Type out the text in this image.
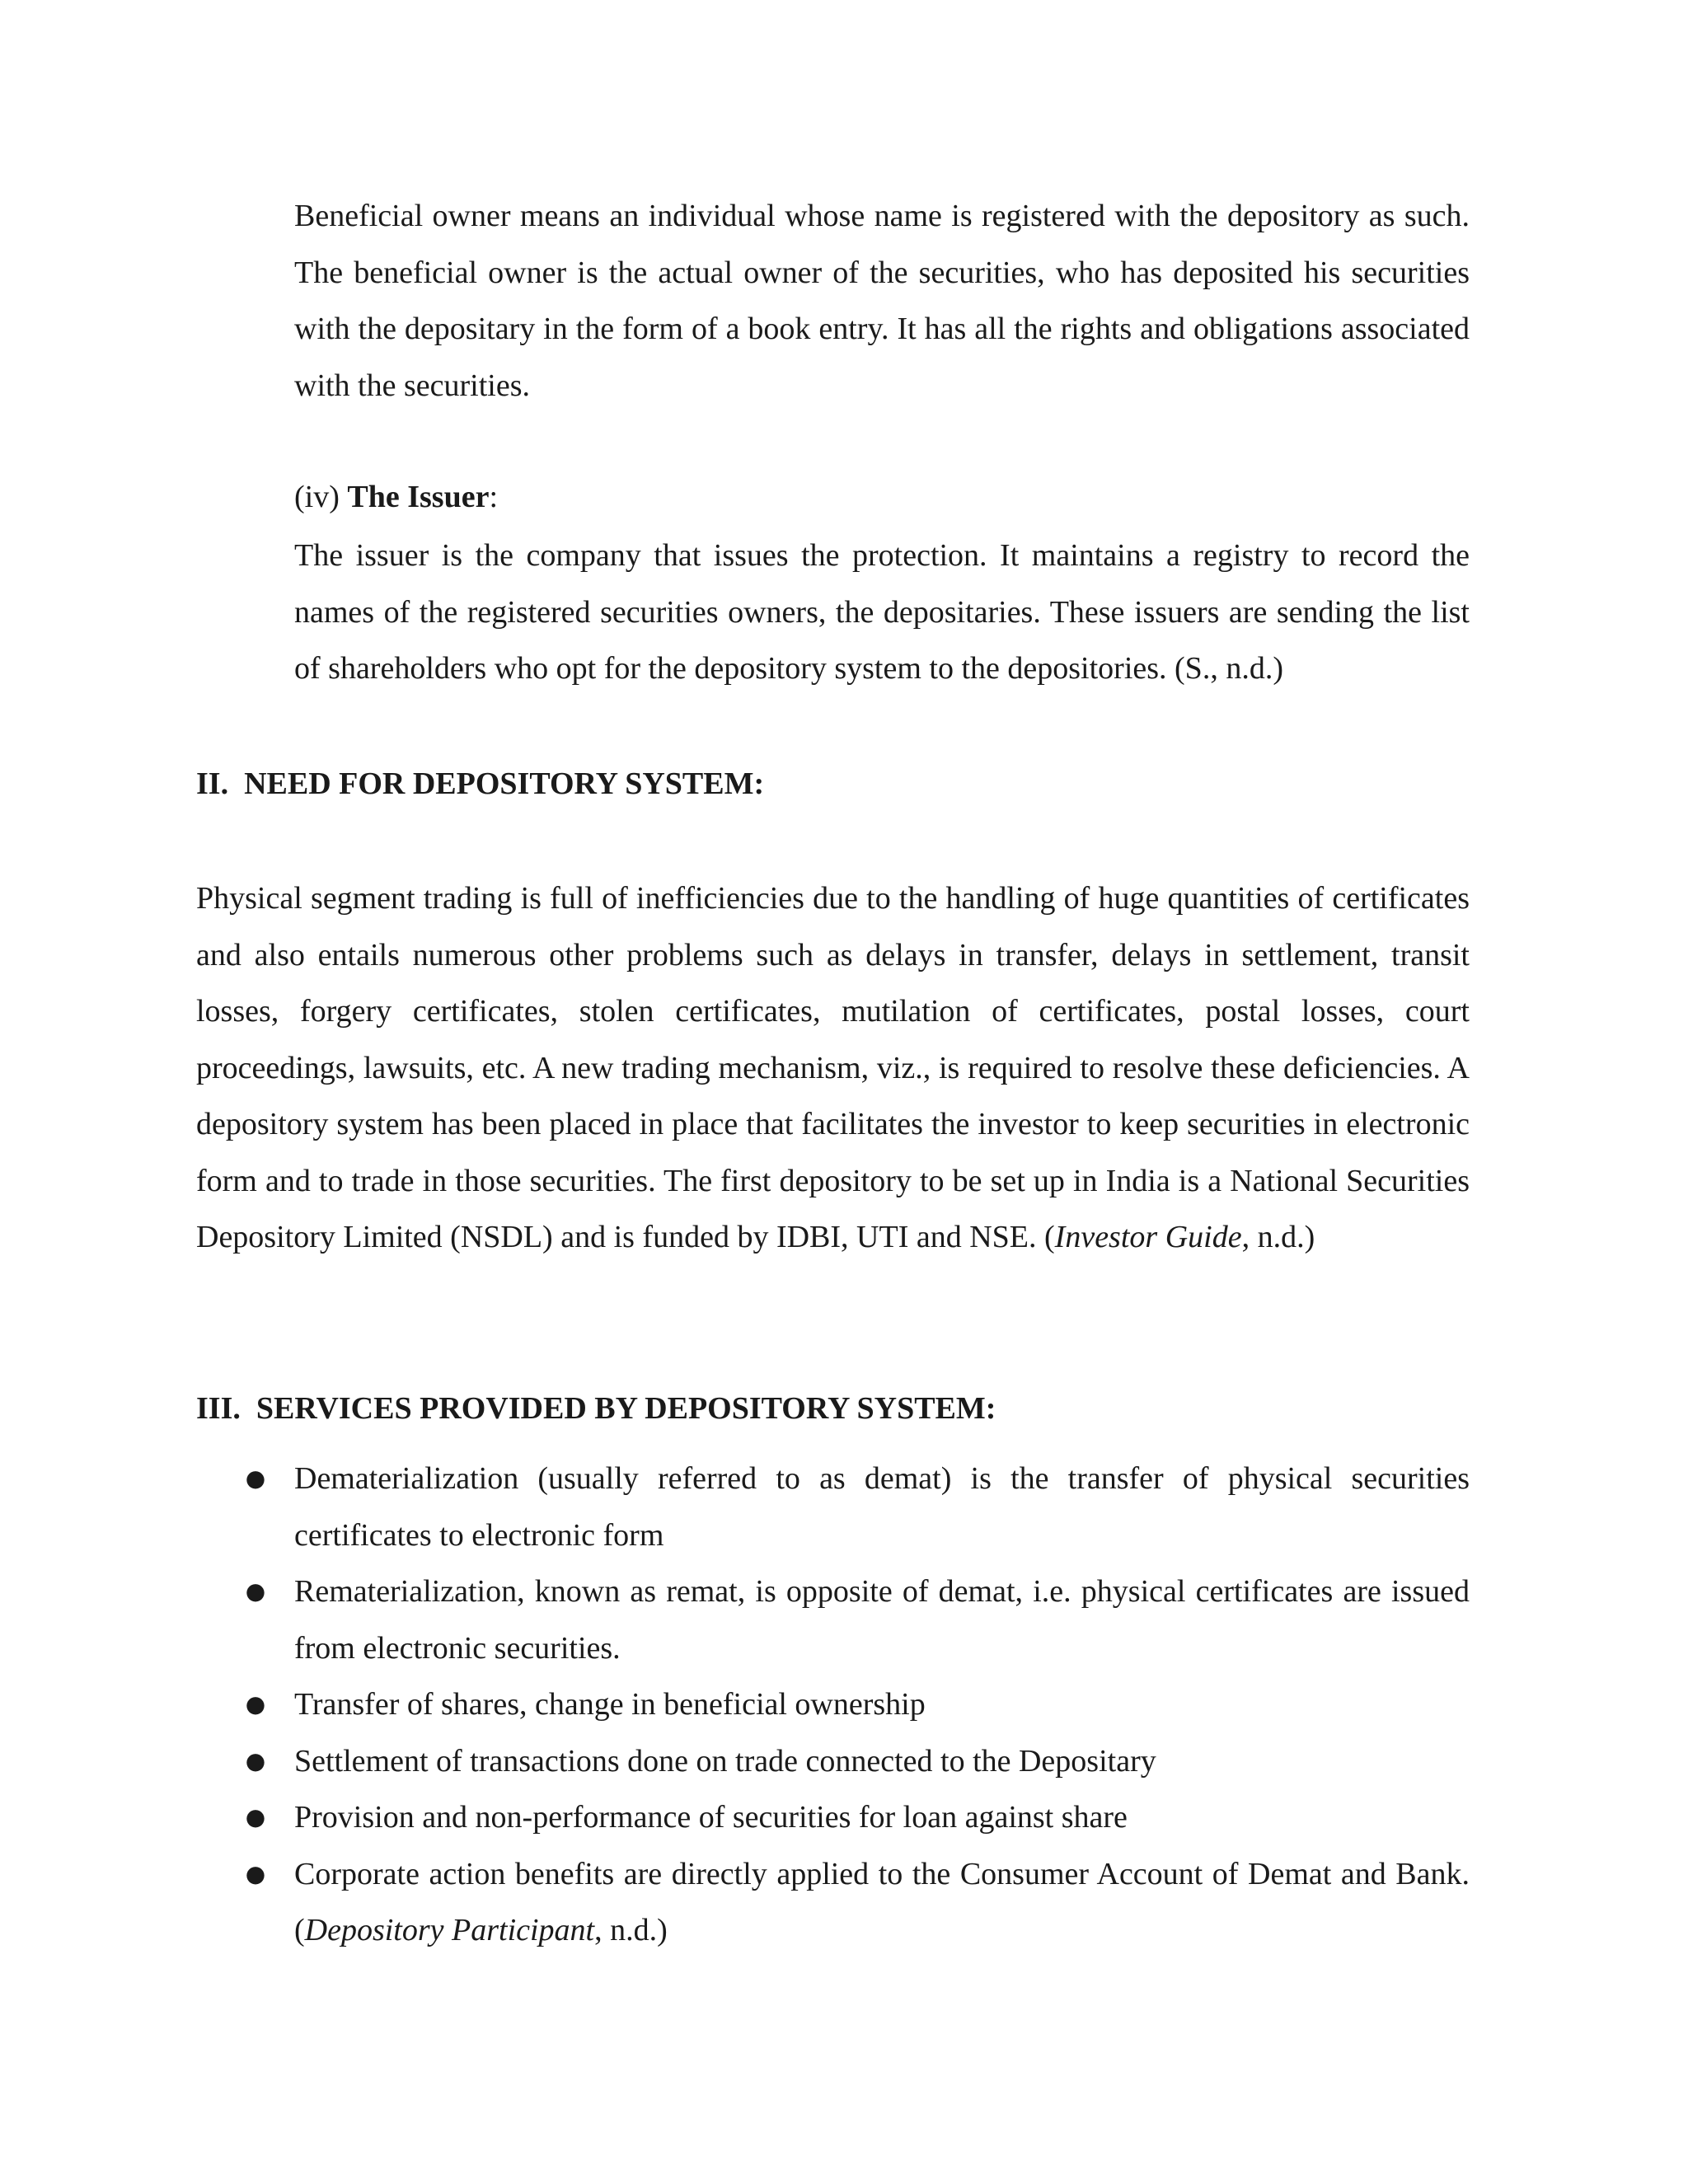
Beneficial owner means an individual whose name is registered with the depository as such. The beneficial owner is the actual owner of the securities, who has deposited his securities with the depositary in the form of a book entry. It has all the rights and obligations associated with the securities.

(iv) The Issuer:

The issuer is the company that issues the protection. It maintains a registry to record the names of the registered securities owners, the depositaries. These issuers are sending the list of shareholders who opt for the depository system to the depositories. (S., n.d.)

II.  NEED FOR DEPOSITORY SYSTEM:

Physical segment trading is full of inefficiencies due to the handling of huge quantities of certificates and also entails numerous other problems such as delays in transfer, delays in settlement, transit losses, forgery certificates, stolen certificates, mutilation of certificates, postal losses, court proceedings, lawsuits, etc. A new trading mechanism, viz., is required to resolve these deficiencies. A depository system has been placed in place that facilitates the investor to keep securities in electronic form and to trade in those securities. The first depository to be set up in India is a National Securities Depository Limited (NSDL) and is funded by IDBI, UTI and NSE. (Investor Guide, n.d.)

III.  SERVICES PROVIDED BY DEPOSITORY SYSTEM:

● Dematerialization (usually referred to as demat) is the transfer of physical securities certificates to electronic form
● Rematerialization, known as remat, is opposite of demat, i.e. physical certificates are issued from electronic securities.
● Transfer of shares, change in beneficial ownership
● Settlement of transactions done on trade connected to the Depositary
● Provision and non-performance of securities for loan against share
● Corporate action benefits are directly applied to the Consumer Account of Demat and Bank. (Depository Participant, n.d.)
